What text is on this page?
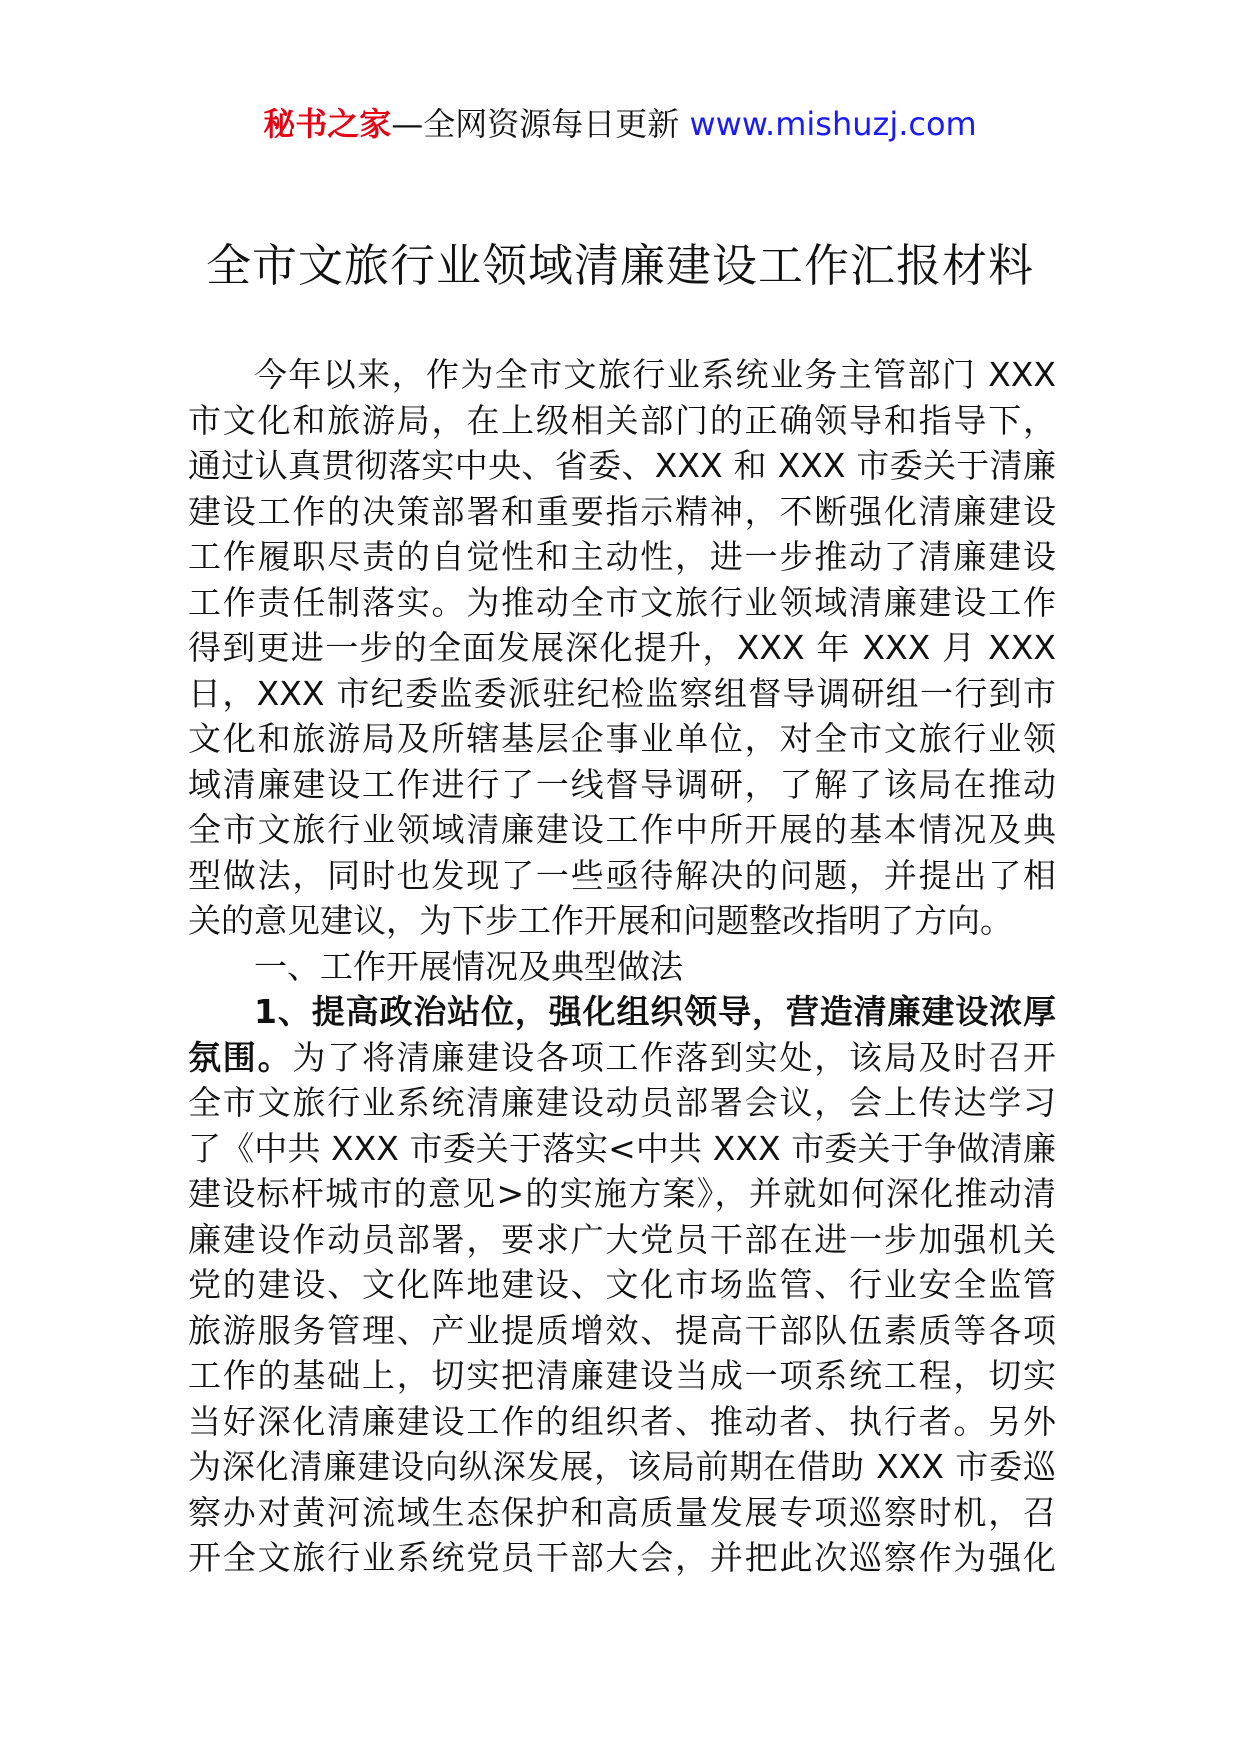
秘书之家—全网资源每日更新 www.mishuzj.com
全市文旅行业领域清廉建设工作汇报材料
今年以来，作为全市文旅行业系统业务主管部门 XXX
市文化和旅游局，在上级相关部门的正确领导和指导下，
通过认真贯彻落实中央、省委、XXX 和 XXX 市委关于清廉
建设工作的决策部署和重要指示精神，不断强化清廉建设
工作履职尽责的自觉性和主动性，进一步推动了清廉建设
工作责任制落实。为推动全市文旅行业领域清廉建设工作
得到更进一步的全面发展深化提升，XXX 年 XXX 月 XXX
日，XXX 市纪委监委派驻纪检监察组督导调研组一行到市
文化和旅游局及所辖基层企事业单位，对全市文旅行业领
域清廉建设工作进行了一线督导调研，了解了该局在推动
全市文旅行业领域清廉建设工作中所开展的基本情况及典
型做法，同时也发现了一些亟待解决的问题，并提出了相
关的意见建议，为下步工作开展和问题整改指明了方向。
一、工作开展情况及典型做法
1、提高政治站位，强化组织领导，营造清廉建设浓厚
氛围。为了将清廉建设各项工作落到实处，该局及时召开
全市文旅行业系统清廉建设动员部署会议，会上传达学习
了《中共 XXX 市委关于落实<中共 XXX 市委关于争做清廉
建设标杆城市的意见>的实施方案》，并就如何深化推动清
廉建设作动员部署，要求广大党员干部在进一步加强机关
党的建设、文化阵地建设、文化市场监管、行业安全监管
旅游服务管理、产业提质增效、提高干部队伍素质等各项
工作的基础上，切实把清廉建设当成一项系统工程，切实
当好深化清廉建设工作的组织者、推动者、执行者。另外
为深化清廉建设向纵深发展，该局前期在借助 XXX 市委巡
察办对黄河流域生态保护和高质量发展专项巡察时机，召
开全文旅行业系统党员干部大会，并把此次巡察作为强化
